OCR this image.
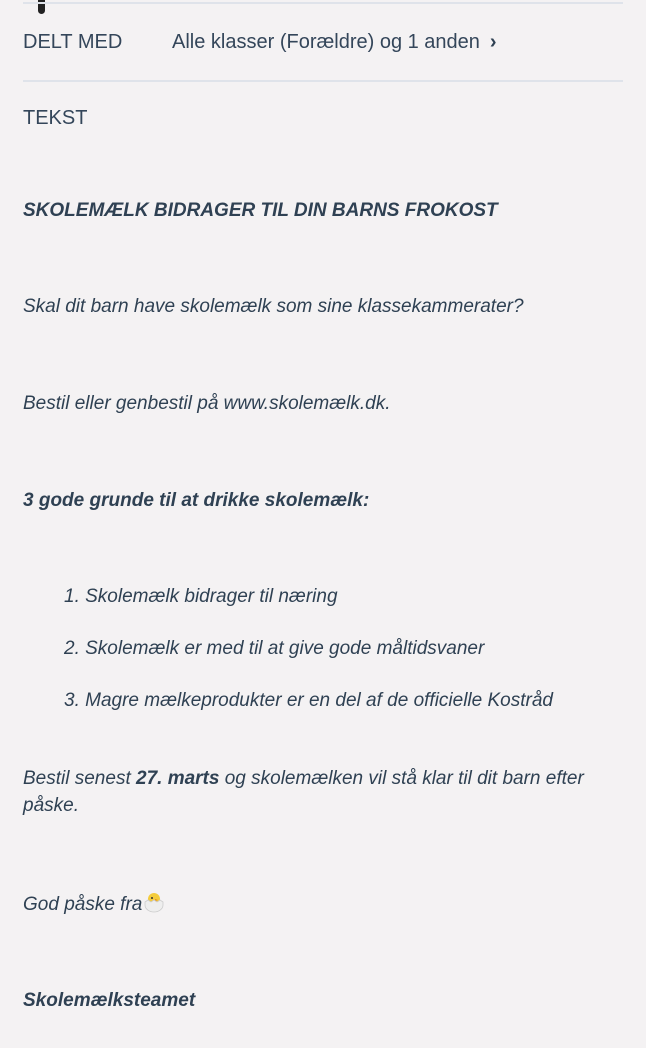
DELT MED Alle klasser (Forældre) og 1 anden ›
TEKST
SKOLEMÆLK BIDRAGER TIL DIN BARNS FROKOST
Skal dit barn have skolemælk som sine klassekammerater?
Bestil eller genbestil på www.skolemælk.dk.
3 gode grunde til at drikke skolemælk:
1. Skolemælk bidrager til næring
2. Skolemælk er med til at give gode måltidsvaner
3. Magre mælkeprodukter er en del af de officielle Kostråd
Bestil senest 27. marts og skolemælken vil stå klar til dit barn efter påske.
God påske fra
Skolemælksteamet
